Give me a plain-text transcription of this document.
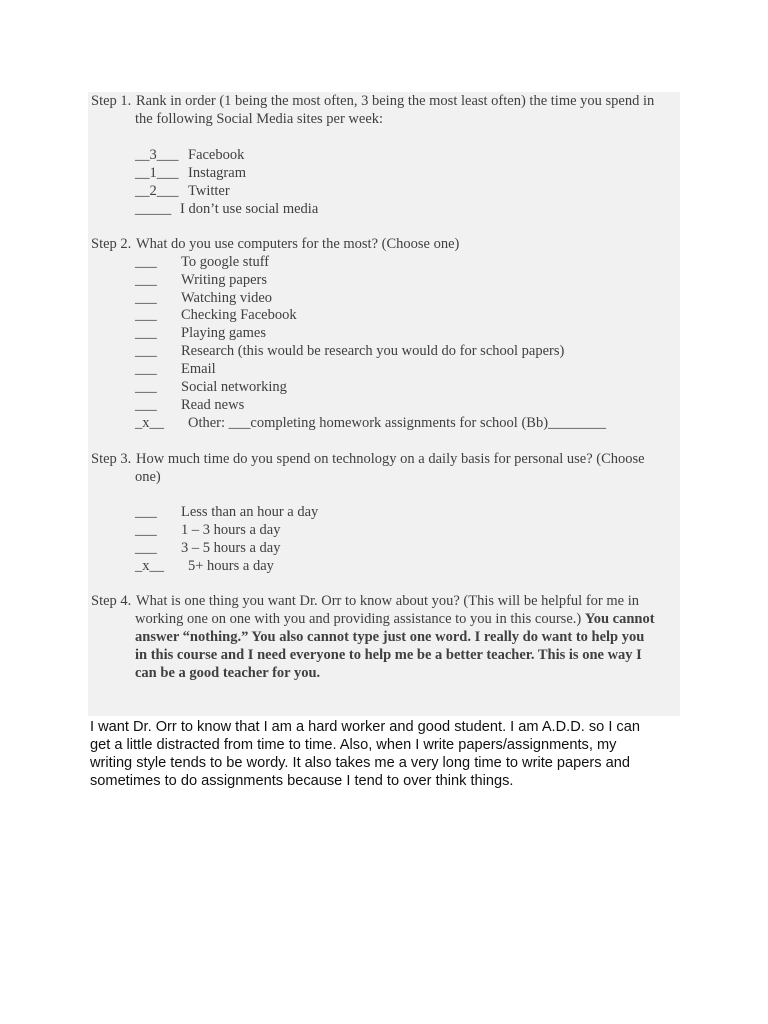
Step 1. Rank in order (1 being the most often, 3 being the most least often) the time you spend in
the following Social Media sites per week:
__3___ Facebook
__1___ Instagram
__2___ Twitter
_____ I don’t use social media
Step 2. What do you use computers for the most? (Choose one)
___ To google stuff
___ Writing papers
___ Watching video
___ Checking Facebook
___ Playing games
___ Research (this would be research you would do for school papers)
___ Email
___ Social networking
___ Read news
_x__ Other: ___completing homework assignments for school (Bb)________
Step 3. How much time do you spend on technology on a daily basis for personal use? (Choose
one)
___ Less than an hour a day
___ 1 – 3 hours a day
___ 3 – 5 hours a day
_x__ 5+ hours a day
Step 4. What is one thing you want Dr. Orr to know about you? (This will be helpful for me in
working one on one with you and providing assistance to you in this course.) You cannot
answer “nothing.” You also cannot type just one word. I really do want to help you
in this course and I need everyone to help me be a better teacher. This is one way I
can be a good teacher for you.
I want Dr. Orr to know that I am a hard worker and good student. I am A.D.D. so I can
get a little distracted from time to time. Also, when I write papers/assignments, my
writing style tends to be wordy. It also takes me a very long time to write papers and
sometimes to do assignments because I tend to over think things.
